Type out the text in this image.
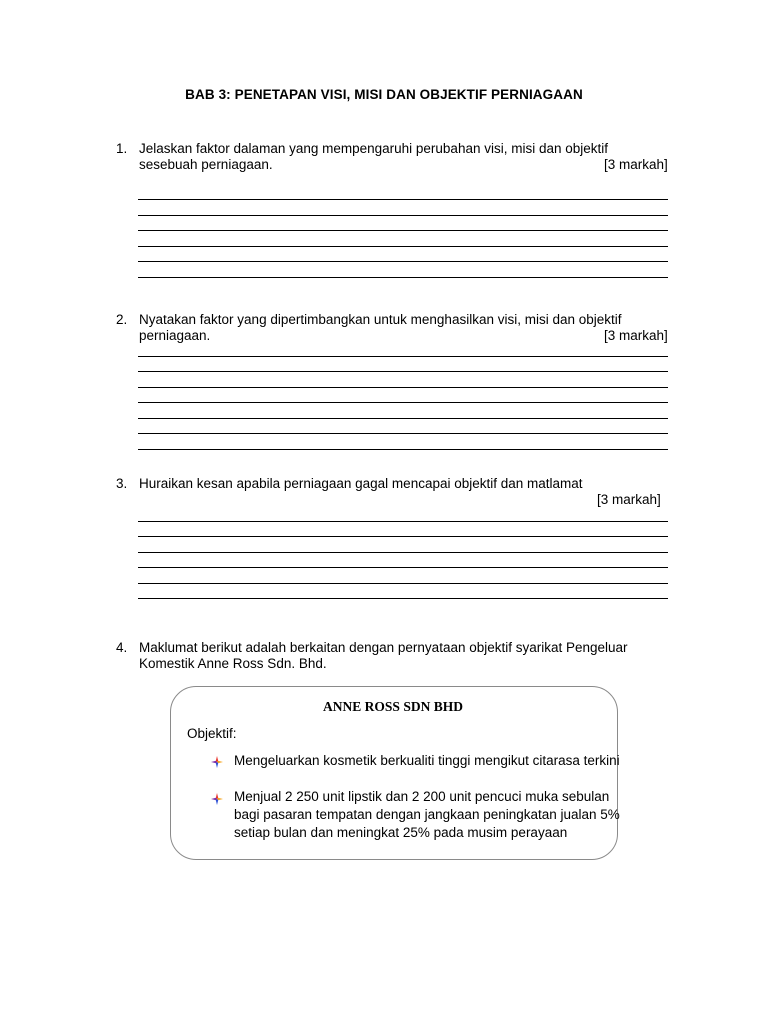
BAB 3: PENETAPAN VISI, MISI DAN OBJEKTIF PERNIAGAAN
1. Jelaskan faktor dalaman yang mempengaruhi perubahan visi, misi dan objektif
sesebuah perniagaan.	[3 markah]
2. Nyatakan faktor yang dipertimbangkan untuk menghasilkan visi, misi dan objektif
perniagaan.	[3 markah]
3. Huraikan kesan apabila perniagaan gagal mencapai objektif dan matlamat
[3 markah]
4. Maklumat berikut adalah berkaitan dengan pernyataan objektif syarikat Pengeluar
Komestik Anne Ross Sdn. Bhd.
ANNE ROSS SDN BHD
Objektif:
Mengeluarkan kosmetik berkualiti tinggi mengikut citarasa terkini
Menjual 2 250 unit lipstik dan 2 200 unit pencuci muka sebulan
bagi pasaran tempatan dengan jangkaan peningkatan jualan 5%
setiap bulan dan meningkat 25% pada musim perayaan
